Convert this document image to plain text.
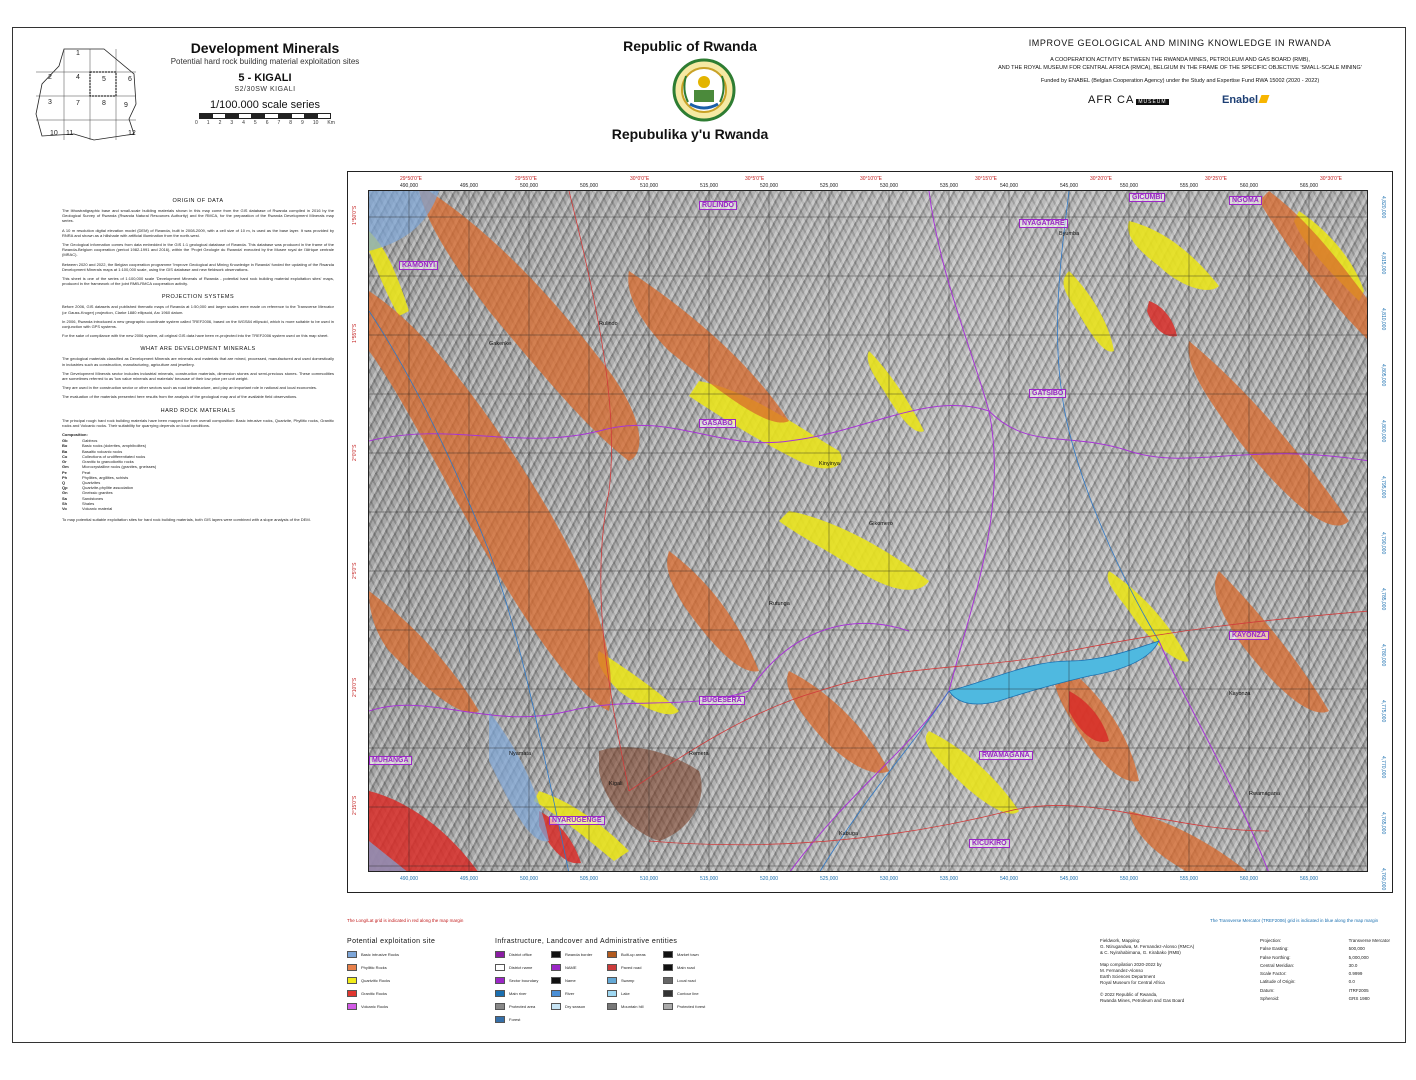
1
2
3
4	5	6
7	8	9
10 11	12
Development Minerals
Potential hard rock building material exploitation sites
5 - KIGALI
S2/30SW KIGALI
1/100.000 scale series
0 1 2 3 4 5 6 7 8 9 10 Km
Republic of Rwanda
Repubulika y'u Rwanda
IMPROVE GEOLOGICAL AND MINING KNOWLEDGE IN RWANDA
A COOPERATION ACTIVITY BETWEEN THE RWANDA MINES, PETROLEUM AND GAS BOARD (RMB),
AND THE ROYAL MUSEUM FOR CENTRAL AFRICA (RMCA), BELGIUM IN THE FRAME OF THE SPECIFIC OBJECTIVE 'SMALL-SCALE MINING'
Funded by ENABEL (Belgian Cooperation Agency) under the Study and Expertise Fund RWA 15002 (2020 - 2022)
AFR CA MUSEUM	Enabel
ORIGIN OF DATA
The lithostratigraphic base and small-scale building materials shown in this map come from the GIS database of Rwanda compiled in 2016 by the Geological Survey of Rwanda (Rwanda Natural Resources Authority) and the RMCA, for the preparation of the Rwanda Development Minerals map series.
A 10 m resolution digital elevation model (DEM) of Rwanda, built in 2008-2009, with a cell size of 10 m, is used as the base layer. It was provided by RNRA and shown as a hillshade with artificial illumination from the north-west.
The Geological information comes from data embedded in the GIS 1:1 geological database of Rwanda. This database was produced in the frame of the Rwanda-Belgium cooperation (period 1982-1991 and 2016), within the 'Projet Geologie du Rwanda' executed by the Musee royal de l'Afrique centrale (MRAC).
Between 2020 and 2022, the Belgian cooperation programme 'Improve Geological and Mining Knowledge in Rwanda' funded the updating of the Rwanda Development Minerals maps at 1:100,000 scale, using the GIS database and new fieldwork observations.
This sheet is one of the series of 1:100,000 scale 'Development Minerals of Rwanda - potential hard rock building material exploitation sites' maps, produced in the framework of the joint RMB-RMCA cooperation activity.
PROJECTION SYSTEMS
Before 2006, GIS datasets and published thematic maps of Rwanda at 1:50,000 and larger scales were made on reference to the Transverse Mercator (or Gauss-Kruger) projection, Clarke 1880 ellipsoid, Arc 1960 datum.
In 2006, Rwanda introduced a new geographic coordinate system called TREF2006, based on the WGS84 ellipsoid, which is more suitable to be used in conjunction with GPS systems.
For the sake of compliance with the new 2006 system, all original GIS data have been re-projected into the TREF2006 system used on this map sheet.
WHAT ARE DEVELOPMENT MINERALS
The geological materials classified as Development Minerals are minerals and materials that are mined, processed, manufactured and used domestically in industries such as construction, manufacturing, agriculture and jewellery.
The Development Minerals sector includes industrial minerals, construction materials, dimension stones and semi-precious stones. These commodities are sometimes referred to as 'low value minerals and materials' because of their low price per unit weight.
They are used in the construction sector or other sectors such as road infrastructure, and play an important role in national and local economies.
The evaluation of the materials presented here results from the analysis of the geological map and of the available field observations.
HARD ROCK MATERIALS
The principal rough hard rock building materials have been mapped for their overall composition: Basic intrusive rocks, Quartzite, Phyllitic rocks, Granitic rocks and Volcanic rocks. Their suitability for quarrying depends on local conditions.
Composition:
Gb	Gabbros
Bo	Basic rocks (dolerites, amphibolites)
Ba	Basaltic volcanic rocks
Co	Collections of undifferentiated rocks
Gr	Granitic to granodioritic rocks
Gm	Microcrystalline rocks (granites, gneisses)
Pe	Peat
Ph	Phyllites, argillites, schists
Q	Quartzites
Qp	Quartzite-phyllite association
Gn	Gneissic granites
Sa	Sandstones
Sh	Shales
Vo	Volcanic material
To map potential suitable exploitation sites for hard rock building materials, both GIS layers were combined with a slope analysis of the DEM.
29°50'0"E	29°55'0"E	30°0'0"E	30°5'0"E	30°10'0"E	30°15'0"E	30°20'0"E	30°25'0"E	30°30'0"E
490,000	495,000	500,000	505,000	510,000	515,000	520,000	525,000	530,000	535,000	540,000	545,000	550,000	555,000	560,000	565,000
490,000	495,000	500,000	505,000	510,000	515,000	520,000	525,000	530,000	535,000	540,000	545,000	550,000	555,000	560,000	565,000
1°50'0"S
1°55'0"S
2°0'0"S
2°5'0"S
2°10'0"S
2°15'0"S
4,820,000
4,815,000
4,810,000
4,805,000
4,800,000
4,795,000
4,790,000
4,785,000
4,780,000
4,775,000
4,770,000
4,765,000
4,760,000
RULINDO
GASABO
NYAGATARE
GICUMBI
MUHANGA
GATSIBO
KAYONZA
RWAMAGANA
KICUKIRO
NYARUGENGE
KAMONYI
BUGESERA
NGOMA
Kigali
Kabuga
Rwamagana
Gakenke
Rulindo
Byumba
Nyamata
Kayonza
Remera
Gikomero
Rutunga
Kinyinya
The Long/Lat grid is indicated in red along the map margin	The Transverse Mercator (TREF2006) grid is indicated in blue along the map margin
Potential exploitation site
Basic intrusive Rocks
Phyllitic Rocks
Quartzitic Rocks
Granitic Rocks
Volcanic Rocks
Infrastructure, Landcover and Administrative entities
District office	Rwanda border	Built-up areas	Market town
District name	NAME	Paved road	Main road
Sector boundary	Name	Swamp	Local road
Main river	River	Lake	Contour line
Protected area	Dry season	Mountain hill	Protected forest
Forest
Fieldwork, Mapping:
G. Ntirugandwa, M. Fernandez-Alonso (RMCA)
& C. Nyirahabimana, G. Kirabako (RMB)
Map compilation 2020-2022 by
M. Fernandez-Alonso
Earth Sciences Department
Royal Museum for Central Africa
© 2022 Republic of Rwanda,
Rwanda Mines, Petroleum and Gas Board
Projection:	Transverse Mercator
False Easting:	500,000
False Northing:	5,000,000
Central Meridian:	30.0
Scale Factor:	0.9999
Latitude of Origin:	0.0
Datum:	ITRF2005
Spheroid:	GRS 1980
